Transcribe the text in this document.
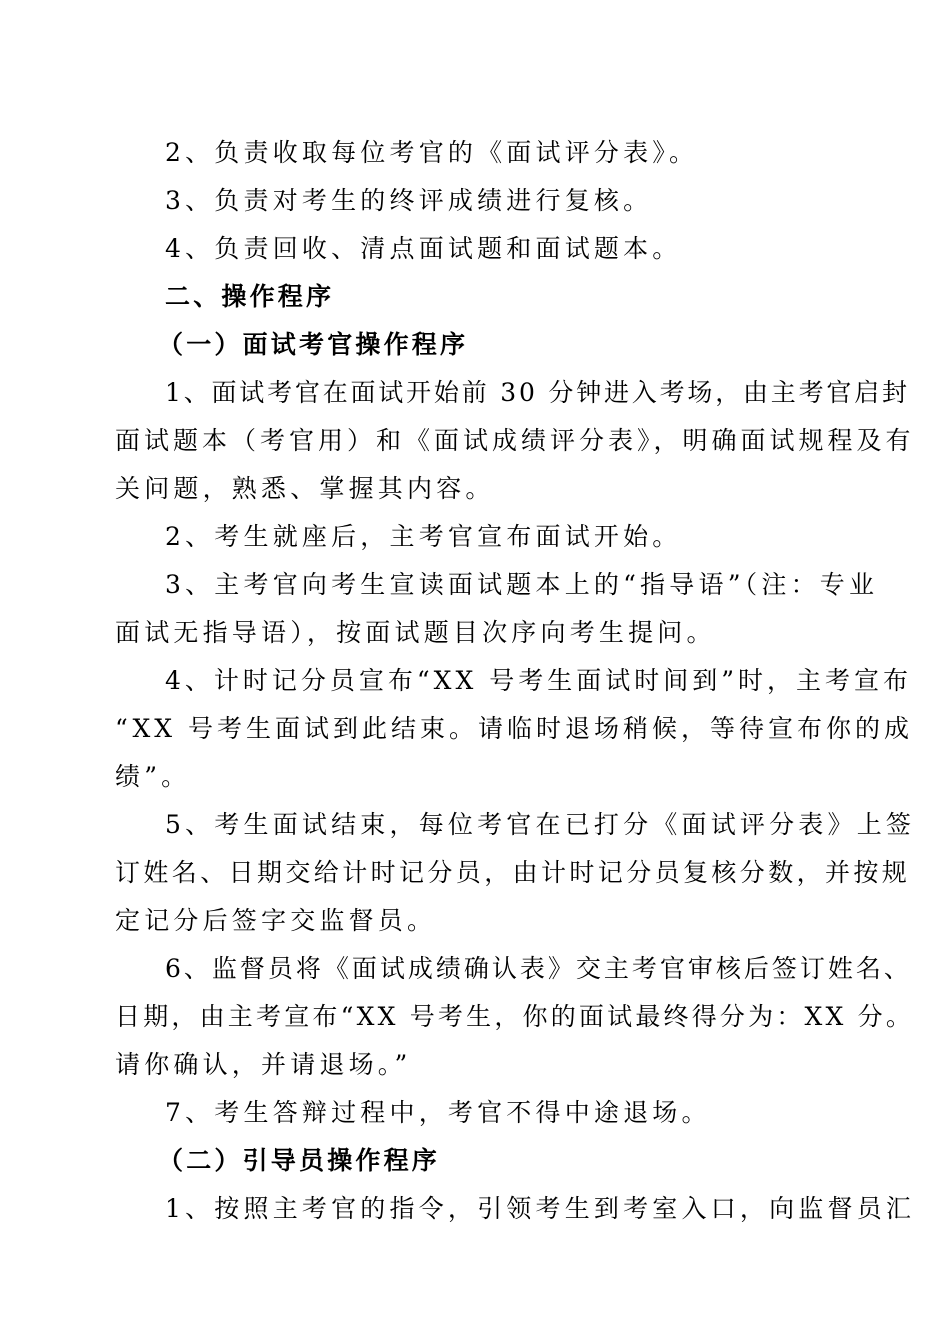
2、负责收取每位考官的《面试评分表》。
3、负责对考生的终评成绩进行复核。
4、负责回收、清点面试题和面试题本。
二、操作程序
（一）面试考官操作程序
1、面试考官在面试开始前 30 分钟进入考场，由主考官启封
面试题本（考官用）和《面试成绩评分表》，明确面试规程及有
关问题，熟悉、掌握其内容。
2、考生就座后，主考官宣布面试开始。
3、主考官向考生宣读面试题本上的“指导语”（注：专业
面试无指导语），按面试题目次序向考生提问。
4、计时记分员宣布“XX 号考生面试时间到”时，主考宣布
“XX 号考生面试到此结束。请临时退场稍候，等待宣布你的成
绩”。
5、考生面试结束，每位考官在已打分《面试评分表》上签
订姓名、日期交给计时记分员，由计时记分员复核分数，并按规
定记分后签字交监督员。
6、监督员将《面试成绩确认表》交主考官审核后签订姓名、
日期，由主考宣布“XX 号考生，你的面试最终得分为：XX 分。
请你确认，并请退场。”
7、考生答辩过程中，考官不得中途退场。
（二）引导员操作程序
1、按照主考官的指令，引领考生到考室入口，向监督员汇
